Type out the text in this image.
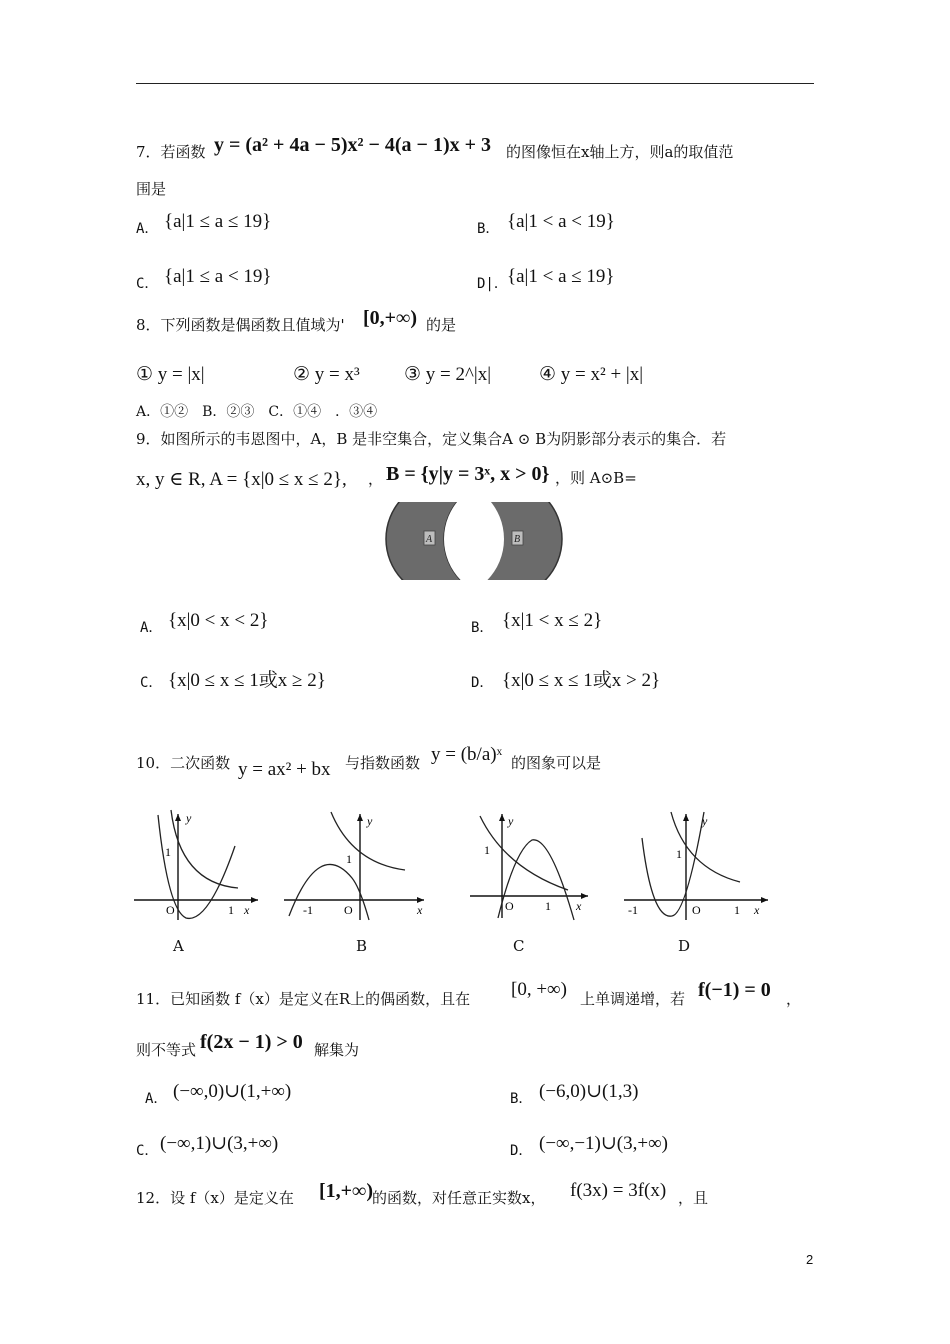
7．若函数 y = (a² + 4a − 5)x² − 4(a − 1)x + 3 的图像恒在x轴上方，则a的取值范
围是
A． {a|1 ≤ a ≤ 19}	B． {a|1 < a < 19}
C． {a|1 ≤ a < 19}	D|． {a|1 < a ≤ 19}
8．下列函数是偶函数且值域为' [0,+∞) 的是
① y = |x|	② y = x³ ③ y = 2^|x|	④ y = x² + |x|
A．①②　B．②③　C．①④　．③④
9．如图所示的韦恩图中，A，B 是非空集合，定义集合A ⊙ B为阴影部分表示的集合．若
x, y ∈ R, A = {x|0 ≤ x ≤ 2}, ， B = {y|y = 3ˣ, x > 0} ，则 A⊙B=
A	B
A． {x|0 < x < 2}	B． {x|1 < x ≤ 2}
C． {x|0 ≤ x ≤ 1或x ≥ 2}	D． {x|0 ≤ x ≤ 1或x > 2}
10．二次函数 y = ax² + bx 与指数函数 y = (b/a)ˣ 的图象可以是
1
O	1 x
y
A
1
-1	O	x
y
B
1
O	1 x
y
C
1
-1	O	1 x
y
D
11．已知函数 f（x）是定义在R上的偶函数，且在 [0, +∞) 上单调递增，若 f(−1) = 0 ，
则不等式 f(2x − 1) > 0 解集为
A． (−∞,0)∪(1,+∞)	B． (−6,0)∪(1,3)
C． (−∞,1)∪(3,+∞)	D． (−∞,−1)∪(3,+∞)
12．设 f（x）是定义在 [1,+∞) 的函数，对任意正实数x， f(3x) = 3f(x) ，且
2
